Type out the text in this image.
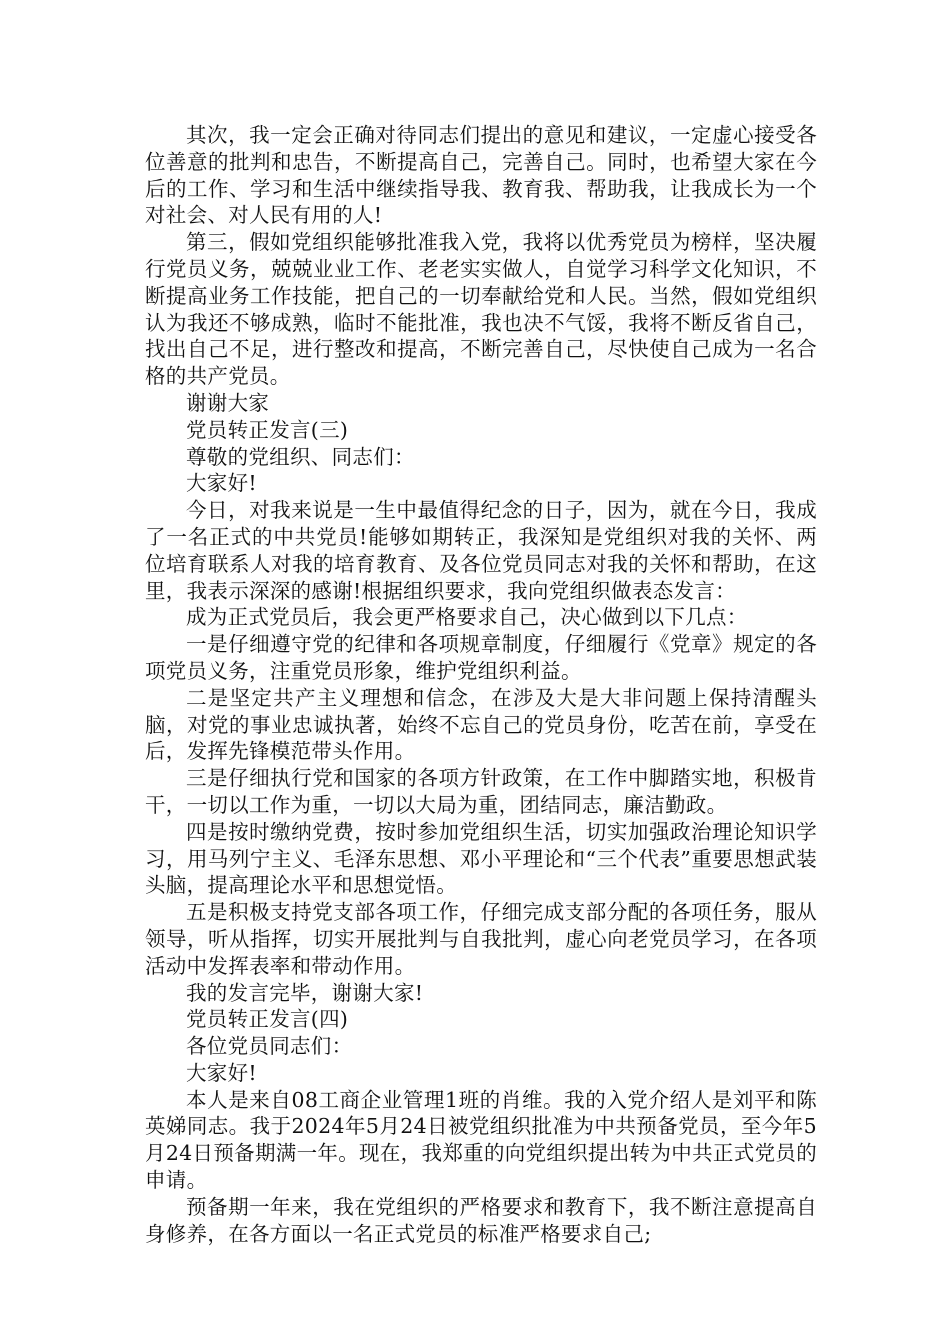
其次，我一定会正确对待同志们提出的意见和建议，一定虚心接受各位善意的批判和忠告，不断提高自己，完善自己。同时，也希望大家在今后的工作、学习和生活中继续指导我、教育我、帮助我，让我成长为一个对社会、对人民有用的人!

第三，假如党组织能够批准我入党，我将以优秀党员为榜样，坚决履行党员义务，兢兢业业工作、老老实实做人，自觉学习科学文化知识，不断提高业务工作技能，把自己的一切奉献给党和人民。当然，假如党组织认为我还不够成熟，临时不能批准，我也决不气馁，我将不断反省自己，找出自己不足，进行整改和提高，不断完善自己，尽快使自己成为一名合格的共产党员。

谢谢大家

党员转正发言(三)

尊敬的党组织、同志们：

大家好!

今日，对我来说是一生中最值得纪念的日子，因为，就在今日，我成了一名正式的中共党员!能够如期转正，我深知是党组织对我的关怀、两位培育联系人对我的培育教育、及各位党员同志对我的关怀和帮助，在这里，我表示深深的感谢!根据组织要求，我向党组织做表态发言：

成为正式党员后，我会更严格要求自己，决心做到以下几点：

一是仔细遵守党的纪律和各项规章制度，仔细履行《党章》规定的各项党员义务，注重党员形象，维护党组织利益。

二是坚定共产主义理想和信念，在涉及大是大非问题上保持清醒头脑，对党的事业忠诚执著，始终不忘自己的党员身份，吃苦在前，享受在后，发挥先锋模范带头作用。

三是仔细执行党和国家的各项方针政策，在工作中脚踏实地，积极肯干，一切以工作为重，一切以大局为重，团结同志，廉洁勤政。

四是按时缴纳党费，按时参加党组织生活，切实加强政治理论知识学习，用马列宁主义、毛泽东思想、邓小平理论和“三个代表”重要思想武装头脑，提高理论水平和思想觉悟。

五是积极支持党支部各项工作，仔细完成支部分配的各项任务，服从领导，听从指挥，切实开展批判与自我批判，虚心向老党员学习，在各项活动中发挥表率和带动作用。

我的发言完毕，谢谢大家!

党员转正发言(四)

各位党员同志们：

大家好!

本人是来自08工商企业管理1班的肖维。我的入党介绍人是刘平和陈英娣同志。我于2024年5月24日被党组织批准为中共预备党员，至今年5月24日预备期满一年。现在，我郑重的向党组织提出转为中共正式党员的申请。

预备期一年来，我在党组织的严格要求和教育下，我不断注意提高自身修养，在各方面以一名正式党员的标准严格要求自己;
